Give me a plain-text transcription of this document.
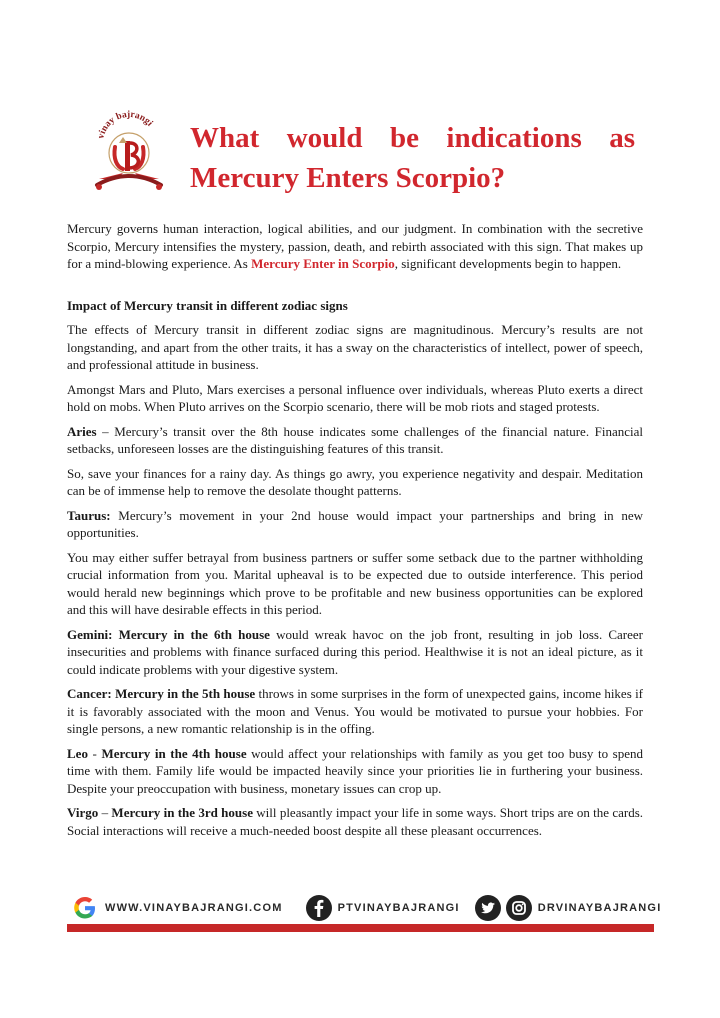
vinay bajrangi What would be indications as
Mercury Enters Scorpio?

Mercury governs human interaction, logical abilities, and our judgment. In combination with the secretive Scorpio, Mercury intensifies the mystery, passion, death, and rebirth associated with this sign. That makes up for a mind-blowing experience. As Mercury Enter in Scorpio, significant developments begin to happen.

Impact of Mercury transit in different zodiac signs

The effects of Mercury transit in different zodiac signs are magnitudinous. Mercury’s results are not longstanding, and apart from the other traits, it has a sway on the characteristics of intellect, power of speech, and professional attitude in business.

Amongst Mars and Pluto, Mars exercises a personal influence over individuals, whereas Pluto exerts a direct hold on mobs. When Pluto arrives on the Scorpio scenario, there will be mob riots and staged protests.

Aries – Mercury’s transit over the 8th house indicates some challenges of the financial nature. Financial setbacks, unforeseen losses are the distinguishing features of this transit.

So, save your finances for a rainy day. As things go awry, you experience negativity and despair. Meditation can be of immense help to remove the desolate thought patterns.

Taurus: Mercury’s movement in your 2nd house would impact your partnerships and bring in new opportunities.

You may either suffer betrayal from business partners or suffer some setback due to the partner withholding crucial information from you. Marital upheaval is to be expected due to outside interference. This period would herald new beginnings which prove to be profitable and new business opportunities can be explored and this will have desirable effects in this period.

Gemini: Mercury in the 6th house would wreak havoc on the job front, resulting in job loss. Career insecurities and problems with finance surfaced during this period. Healthwise it is not an ideal picture, as it could indicate problems with your digestive system.

Cancer: Mercury in the 5th house throws in some surprises in the form of unexpected gains, income hikes if it is favorably associated with the moon and Venus. You would be motivated to pursue your hobbies. For single persons, a new romantic relationship is in the offing.

Leo - Mercury in the 4th house would affect your relationships with family as you get too busy to spend time with them. Family life would be impacted heavily since your priorities lie in furthering your business. Despite your preoccupation with business, monetary issues can crop up.

Virgo – Mercury in the 3rd house will pleasantly impact your life in some ways. Short trips are on the cards. Social interactions will receive a much-needed boost despite all these pleasant occurrences.

WWW.VINAYBAJRANGI.COM	PTVINAYBAJRANGI	DRVINAYBAJRANGI
